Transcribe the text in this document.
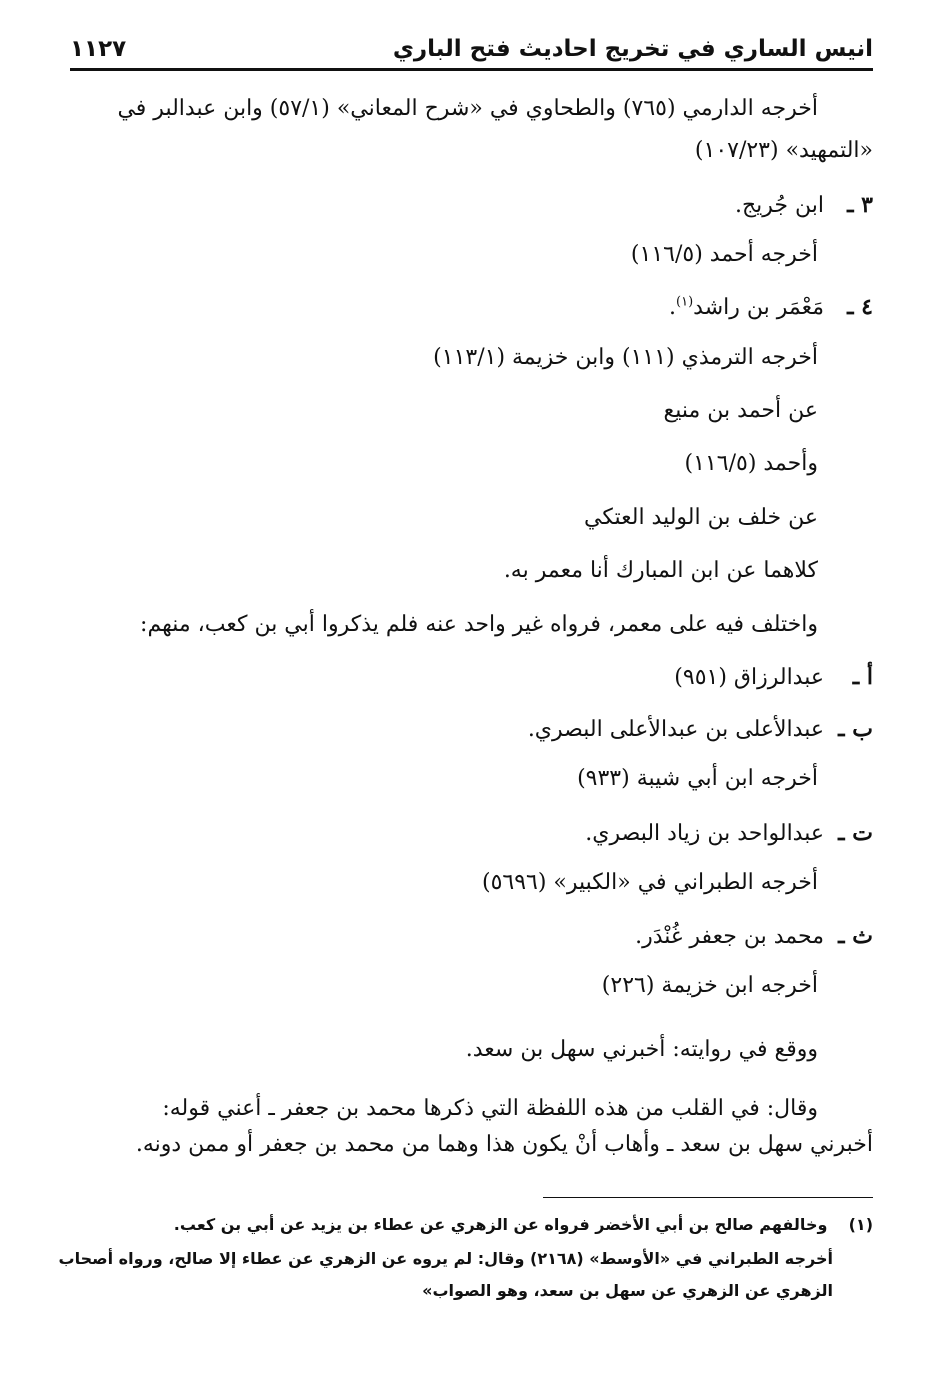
انيس الساري في تخريج احاديث فتح الباري
١١٢٧
أخرجه الدارمي (٧٦٥) والطحاوي في «شرح المعاني» (٥٧/١) وابن عبدالبر في
«التمهيد» (١٠٧/٢٣)
٣ ـ ابن جُريج.
أخرجه أحمد (١١٦/٥)
٤ ـ مَعْمَر بن راشد$^{(١)}$.
أخرجه الترمذي (١١١) وابن خزيمة (١١٣/١)
عن أحمد بن منيع
وأحمد (١١٦/٥)
عن خلف بن الوليد العتكي
كلاهما عن ابن المبارك أنا معمر به.
واختلف فيه على معمر، فرواه غير واحد عنه فلم يذكروا أبي بن كعب، منهم:
أ ـ عبدالرزاق (٩٥١)
ب ـ عبدالأعلى بن عبدالأعلى البصري.
أخرجه ابن أبي شيبة (٩٣٣)
ت ـ عبدالواحد بن زياد البصري.
أخرجه الطبراني في «الكبير» (٥٦٩٦)
ث ـ محمد بن جعفر غُنْدَر.
أخرجه ابن خزيمة (٢٢٦)
ووقع في روايته: أخبرني سهل بن سعد.
وقال: في القلب من هذه اللفظة التي ذكرها محمد بن جعفر ـ أعني قوله:
أخبرني سهل بن سعد ـ وأهاب أنْ يكون هذا وهما من محمد بن جعفر أو ممن دونه.
(١) وخالفهم صالح بن أبي الأخضر فرواه عن الزهري عن عطاء بن يزيد عن أبي بن كعب.
أخرجه الطبراني في «الأوسط» (٢١٦٨) وقال: لم يروه عن الزهري عن عطاء إلا صالح، ورواه أصحاب
الزهري عن الزهري عن سهل بن سعد، وهو الصواب»
